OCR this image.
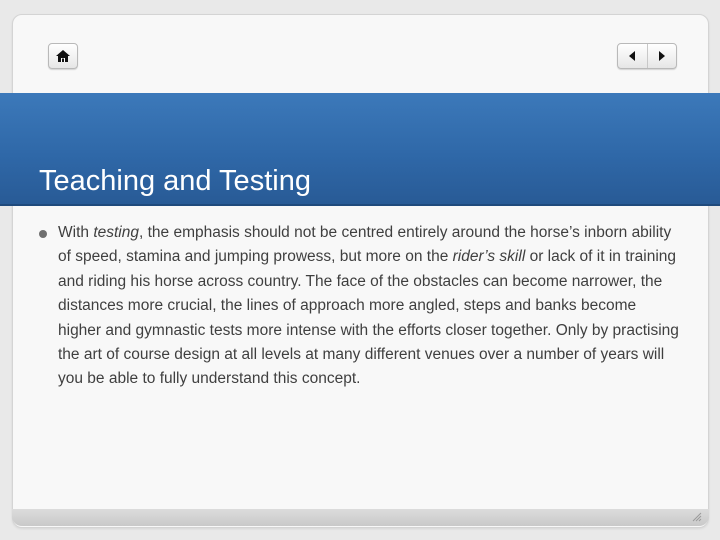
Teaching and Testing
With testing, the emphasis should not be centred entirely around the horse’s inborn ability of speed, stamina and jumping prowess, but more on the rider’s skill or lack of it in training and riding his horse across country. The face of the obstacles can become narrower, the distances more crucial, the lines of approach more angled, steps and banks become higher and gymnastic tests more intense with the efforts closer together. Only by practising the art of course design at all levels at many different venues over a number of years will you be able to fully understand this concept.
